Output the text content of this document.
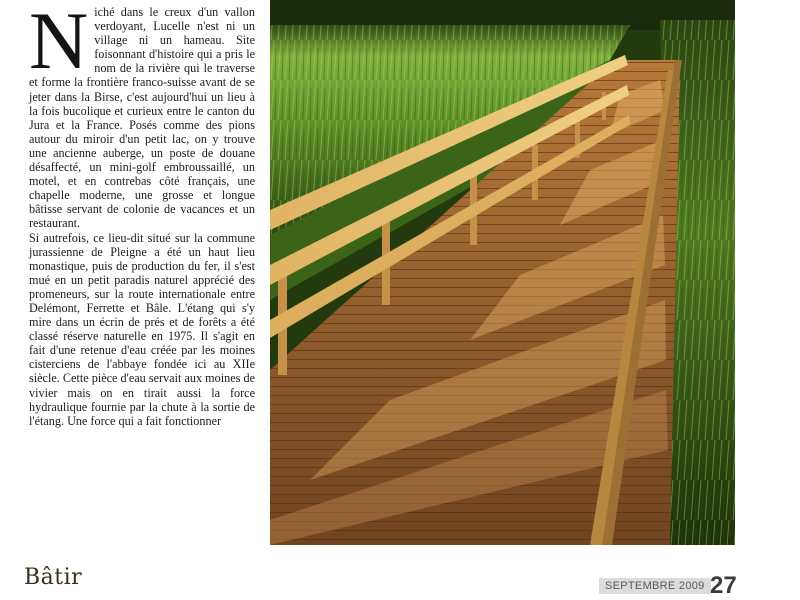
N iché dans le creux d'un vallon verdoyant, Lucelle n'est ni un village ni un hameau. Site foisonnant d'histoire qui a pris le nom de la rivière qui le traverse et forme la frontière franco-suisse avant de se jeter dans la Birse, c'est aujourd'hui un lieu à la fois bucolique et curieux entre le canton du Jura et la France. Posés comme des pions autour du miroir d'un petit lac, on y trouve une ancienne auberge, un poste de douane désaffecté, un mini-golf embroussaillé, un motel, et en contrebas côté français, une chapelle moderne, une grosse et longue bâtisse servant de colonie de vacances et un restaurant.

Si autrefois, ce lieu-dit situé sur la commune jurassienne de Pleigne a été un haut lieu monastique, puis de production du fer, il s'est mué en un petit paradis naturel apprécié des promeneurs, sur la route internationale entre Delémont, Ferrette et Bâle. L'étang qui s'y mire dans un écrin de prés et de forêts a été classé réserve naturelle en 1975. Il s'agit en fait d'une retenue d'eau créée par les moines cisterciens de l'abbaye fondée ici au XIIe siècle. Cette pièce d'eau servait aux moines de vivier mais on en tirait aussi la force hydraulique fournie par la chute à la sortie de l'étang. Une force qui a fait fonctionner

Bâtir	SEPTEMBRE 2009 27
